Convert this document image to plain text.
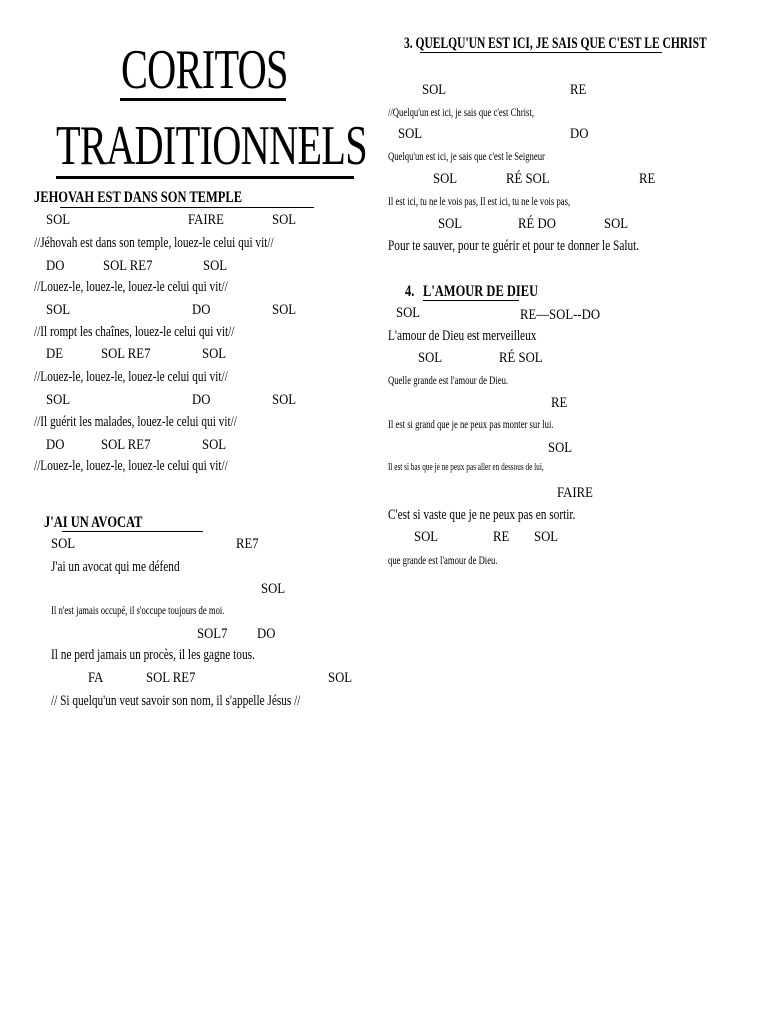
CORITOS
TRADITIONNELS
JEHOVAH EST DANS SON TEMPLE
SOL	FAIRE	SOL
//Jéhovah est dans son temple, louez-le celui qui vit//
DO	SOL RE7	SOL
//Louez-le, louez-le, louez-le celui qui vit//
SOL	DO	SOL
//Il rompt les chaînes, louez-le celui qui vit//
DE	SOL RE7	SOL
//Louez-le, louez-le, louez-le celui qui vit//
SOL	DO	SOL
//Il guérit les malades, louez-le celui qui vit//
DO SOL RE7	SOL
//Louez-le, louez-le, louez-le celui qui vit//
J'AI UN AVOCAT
SOL	RE7
J'ai un avocat qui me défend
SOL
Il n'est jamais occupé, il s'occupe toujours de moi.
SOL7 DO
Il ne perd jamais un procès, il les gagne tous.
FA	SOL RE7	SOL
// Si quelqu'un veut savoir son nom, il s'appelle Jésus //
3. QUELQU'UN EST ICI, JE SAIS QUE C'EST LE CHRIST
SOL	RE
//Quelqu'un est ici, je sais que c'est Christ,
SOL	DO
Quelqu'un est ici, je sais que c'est le Seigneur
SOL	RÉ SOL	RE
Il est ici, tu ne le vois pas, Il est ici, tu ne le vois pas,
SOL	RÉ DO	SOL
Pour te sauver, pour te guérir et pour te donner le Salut.
4. L'AMOUR DE DIEU
SOL	RE—SOL--DO
L'amour de Dieu est merveilleux
SOL	RÉ SOL
Quelle grande est l'amour de Dieu.
RE
Il est si grand que je ne peux pas monter sur lui.
SOL
Il est si bas que je ne peux pas aller en dessous de lui,
FAIRE
C'est si vaste que je ne peux pas en sortir.
SOL	RE SOL
que grande est l'amour de Dieu.
